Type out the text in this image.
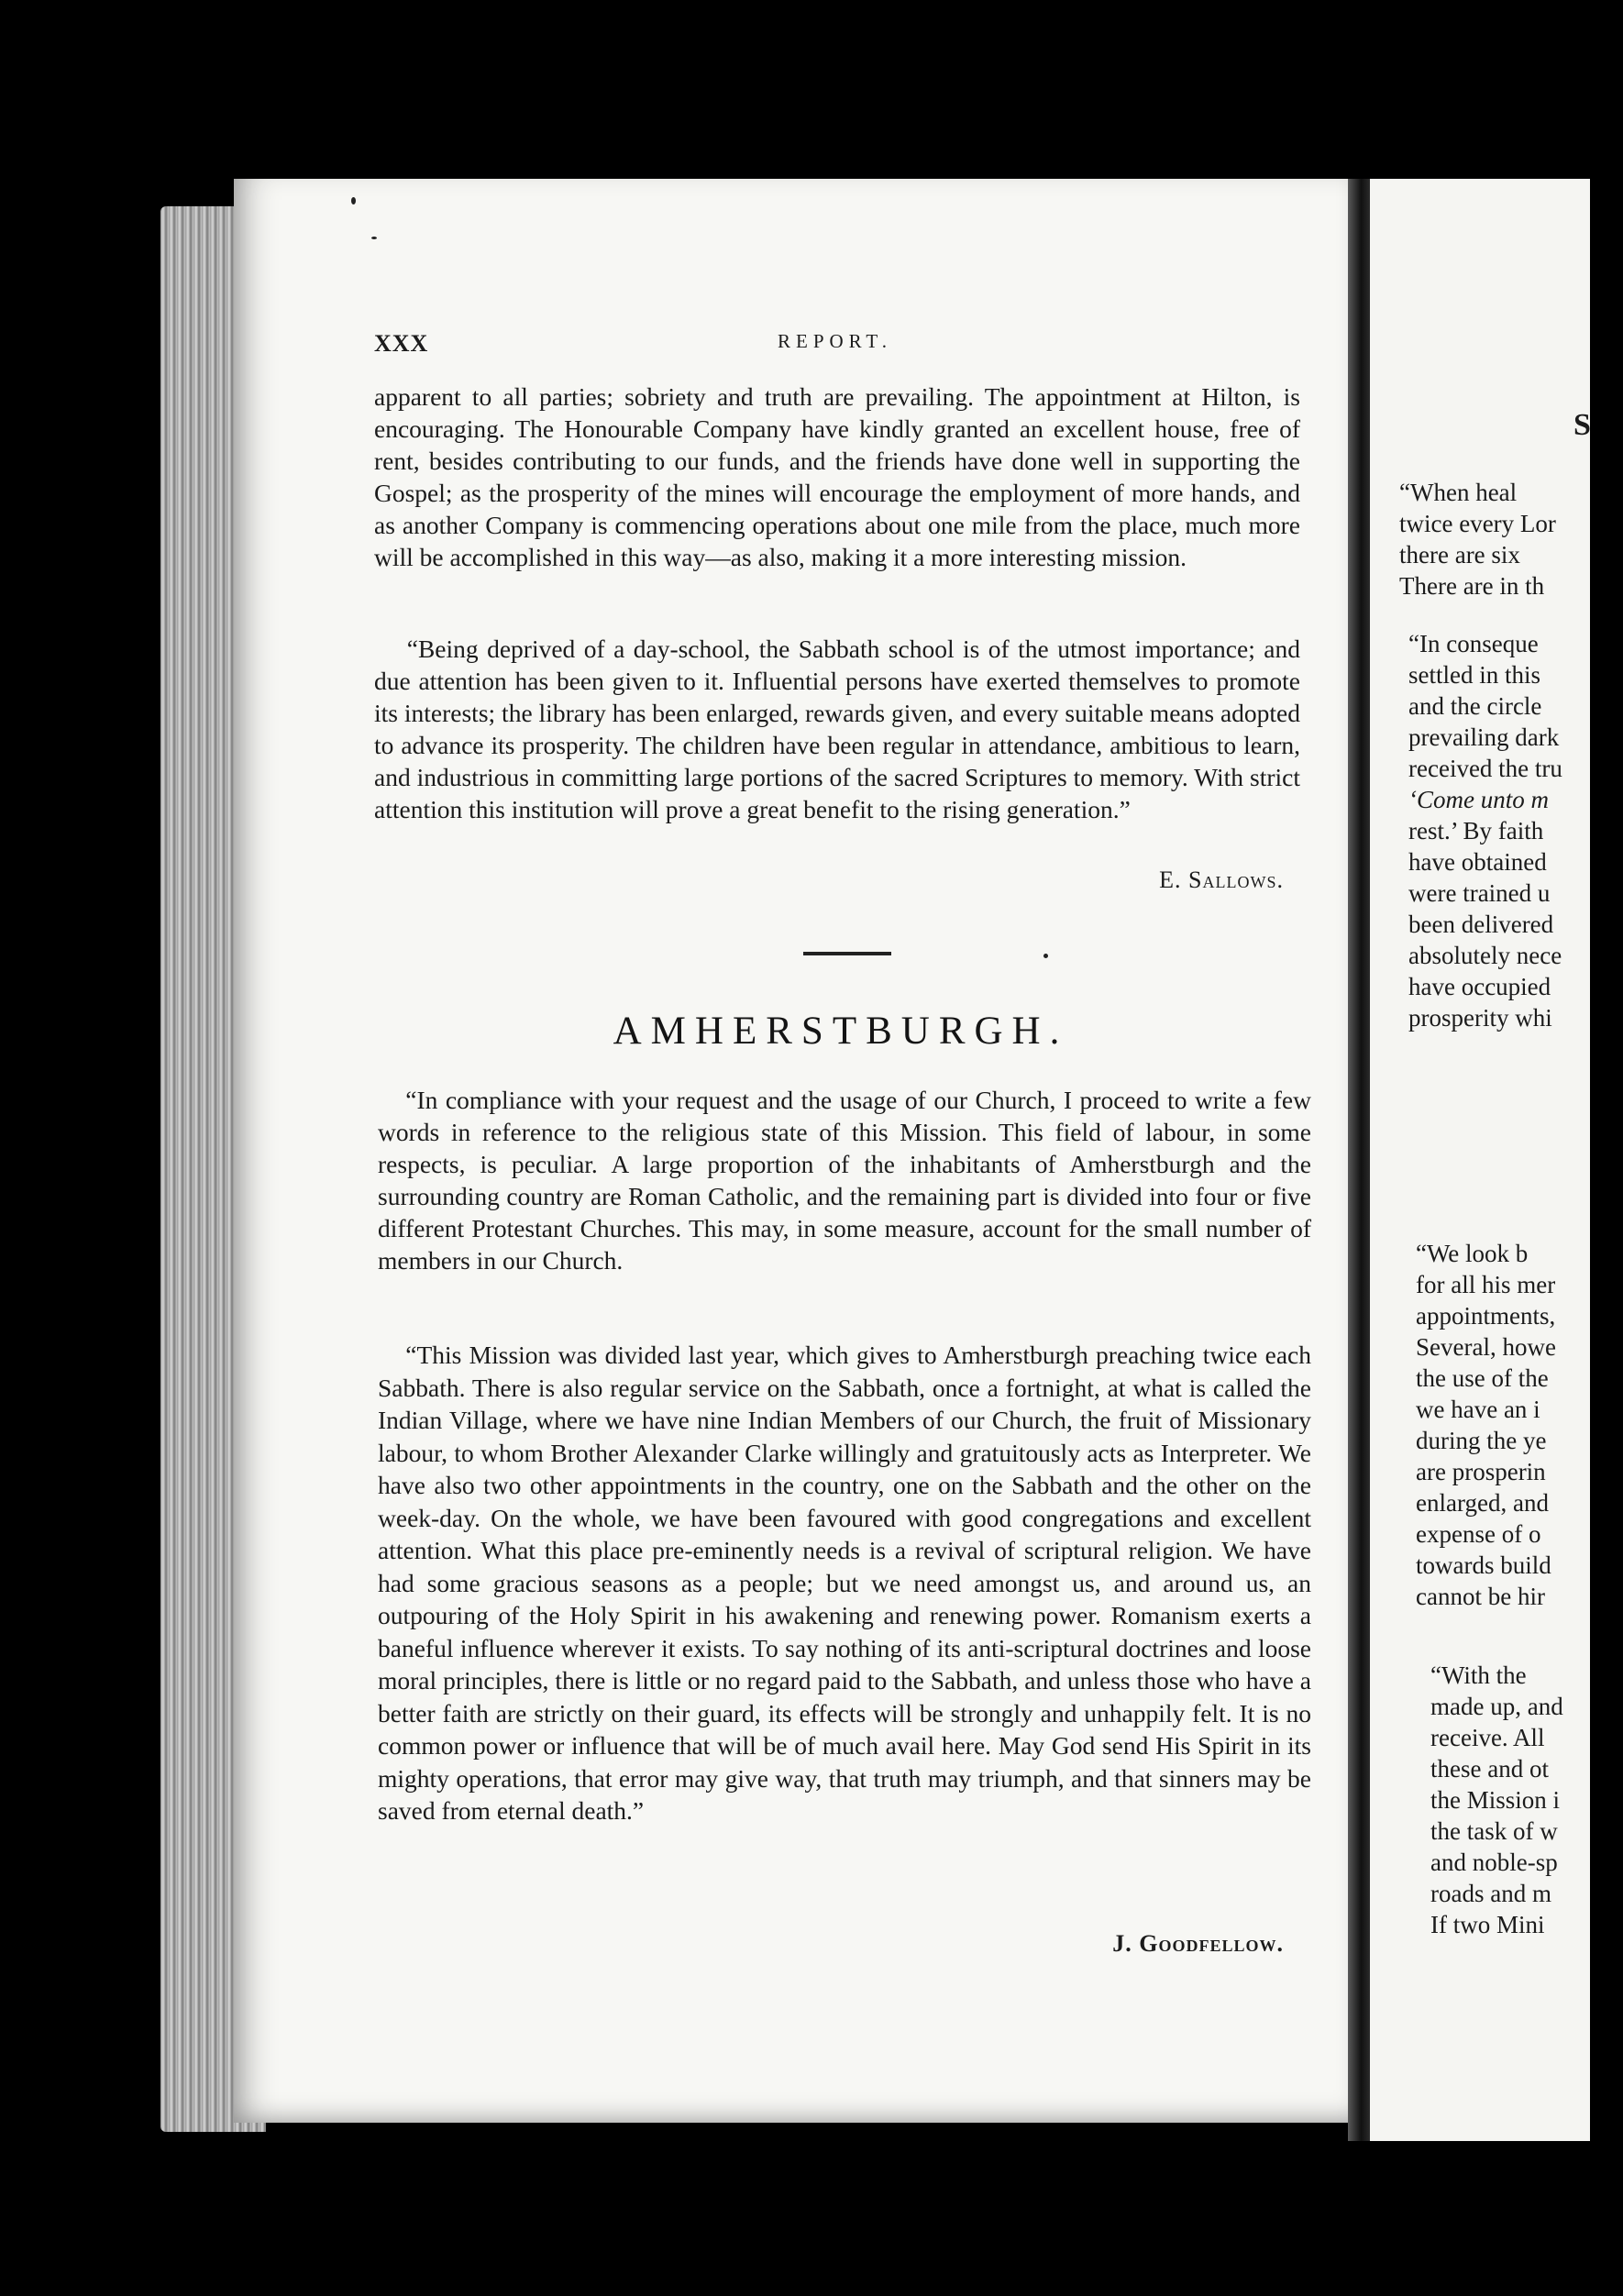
XXX	REPORT.

apparent to all parties; sobriety and truth are prevailing. The appointment at Hilton, is encouraging. The Honourable Company have kindly granted an excellent house, free of rent, besides contributing to our funds, and the friends have done well in supporting the Gospel; as the prosperity of the mines will encourage the employment of more hands, and as another Company is commencing operations about one mile from the place, much more will be accomplished in this way—as also, making it a more interesting mission.

“Being deprived of a day-school, the Sabbath school is of the utmost importance; and due attention has been given to it. Influential persons have exerted themselves to promote its interests; the library has been enlarged, rewards given, and every suitable means adopted to advance its prosperity. The children have been regular in attendance, ambitious to learn, and industrious in committing large portions of the sacred Scriptures to memory. With strict attention this institution will prove a great benefit to the rising generation.”

E. Sallows.
AMHERSTBURGH.

“In compliance with your request and the usage of our Church, I proceed to write a few words in reference to the religious state of this Mission. This field of labour, in some respects, is peculiar. A large proportion of the inhabitants of Amherstburgh and the surrounding country are Roman Catholic, and the remaining part is divided into four or five different Protestant Churches. This may, in some measure, account for the small number of members in our Church.

“This Mission was divided last year, which gives to Amherstburgh preaching twice each Sabbath. There is also regular service on the Sabbath, once a fortnight, at what is called the Indian Village, where we have nine Indian Members of our Church, the fruit of Missionary labour, to whom Brother Alexander Clarke willingly and gratuitously acts as Interpreter. We have also two other appointments in the country, one on the Sabbath and the other on the week-day. On the whole, we have been favoured with good congregations and excellent attention. What this place pre-eminently needs is a revival of scriptural religion. We have had some gracious seasons as a people; but we need amongst us, and around us, an outpouring of the Holy Spirit in his awakening and renewing power. Romanism exerts a baneful influence wherever it exists. To say nothing of its anti-scriptural doctrines and loose moral principles, there is little or no regard paid to the Sabbath, and unless those who have a better faith are strictly on their guard, its effects will be strongly and unhappily felt. It is no common power or influence that will be of much avail here. May God send His Spirit in its mighty operations, that error may give way, that truth may triumph, and that sinners may be saved from eternal death.”

J. Goodfellow.
S
“When heal
twice every Lor
there are six
There are in th
“In conseque
settled in this
and the circle
prevailing dark
received the tru
‘Come unto m
rest.’ By faith
have obtained
were trained u
been delivered
absolutely nece
have occupied
prosperity whi
“We look b
for all his mer
appointments,
Several, howe
the use of the
we have an i
during the ye
are prosperin
enlarged, and
expense of o
towards build
cannot be hir
“With the
made up, and
receive. All
these and ot
the Mission i
the task of w
and noble-sp
roads and m
If two Mini
